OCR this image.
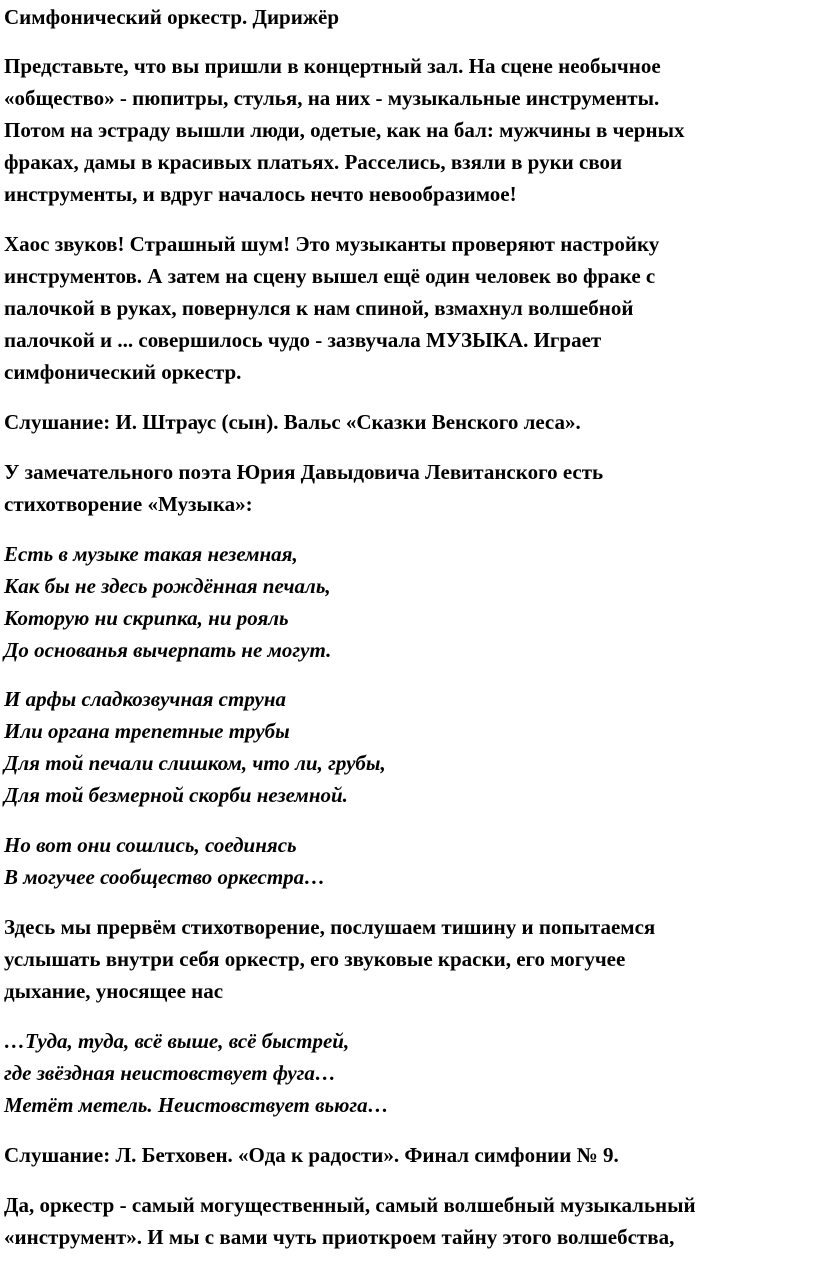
Симфонический оркестр. Дирижёр
Представьте, что вы пришли в концертный зал. На сцене необычное
«общество» - пюпитры, стулья, на них - музыкальные инструменты.
Потом на эстраду вышли люди, одетые, как на бал: мужчины в черных
фраках, дамы в красивых платьях. Расселись, взяли в руки свои
инструменты, и вдруг началось нечто невообразимое!
Хаос звуков! Страшный шум! Это музыканты проверяют настройку
инструментов. А затем на сцену вышел ещё один человек во фраке с
палочкой в руках, повернулся к нам спиной, взмахнул волшебной
палочкой и ... совершилось чудо - зазвучала МУЗЫКА. Играет
симфонический оркестр.
Слушание: И. Штраус (сын). Вальс «Сказки Венского леса».
У замечательного поэта Юрия Давыдовича Левитанского есть
стихотворение «Музыка»:
Есть в музыке такая неземная,
Как бы не здесь рождённая печаль,
Которую ни скрипка, ни рояль
До основанья вычерпать не могут.
И арфы сладкозвучная струна
Или органа трепетные трубы
Для той печали слишком, что ли, грубы,
Для той безмерной скорби неземной.
Но вот они сошлись, соединясь
В могучее сообщество оркестра…
Здесь мы прервём стихотворение, послушаем тишину и попытаемся
услышать внутри себя оркестр, его звуковые краски, его могучее
дыхание, уносящее нас
…Туда, туда, всё выше, всё быстрей,
где звёздная неистовствует фуга…
Метёт метель. Неистовствует вьюга…
Слушание: Л. Бетховен. «Ода к радости». Финал симфонии № 9.
Да, оркестр - самый могущественный, самый волшебный музыкальный
«инструмент». И мы с вами чуть приоткроем тайну этого волшебства,
